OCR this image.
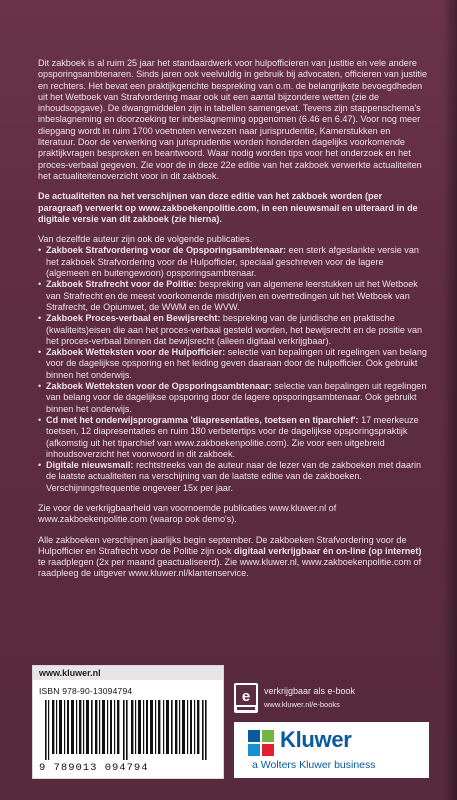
Dit zakboek is al ruim 25 jaar het standaardwerk voor hulpofficieren van justitie en vele andere opsporingsambtenaren. Sinds jaren ook veelvuldig in gebruik bij advocaten, officieren van justitie en rechters. Het bevat een praktijkgerichte bespreking van o.m. de belangrijkste bevoegdheden uit het Wetboek van Strafvordering maar ook uit een aantal bijzondere wetten (zie de inhoudsopgave). De dwangmiddelen zijn in tabellen samengevat. Tevens zijn stappenschema's inbeslagneming en doorzoeking ter inbeslagneming opgenomen (6.46 en 6.47). Voor nog meer diepgang wordt in ruim 1700 voetnoten verwezen naar jurisprudentie, Kamerstukken en literatuur. Door de verwerking van jurisprudentie worden honderden dagelijks voorkomende praktijkvragen besproken en beantwoord. Waar nodig worden tips voor het onderzoek en het proces-verbaal gegeven. Zie voor de in deze 22e editie van het zakboek verwerkte actualiteiten het actualiteitenoverzicht voor in dit zakboek.

De actualiteiten na het verschijnen van deze editie van het zakboek worden (per paragraaf) verwerkt op www.zakboekenpolitie.com, in een nieuwsmail en uiteraard in de digitale versie van dit zakboek (zie hierna).

Van dezelfde auteur zijn ook de volgende publicaties.

• Zakboek Strafvordering voor de Opsporingsambtenaar: een sterk afgeslankte versie van het zakboek Strafvordering voor de Hulpofficier, speciaal geschreven voor de lagere (algemeen en buitengewoon) opsporingsambtenaar.
• Zakboek Strafrecht voor de Politie: bespreking van algemene leerstukken uit het Wetboek van Strafrecht en de meest voorkomende misdrijven en overtredingen uit het Wetboek van Strafrecht, de Opiumwet, de WWM en de WVW.
• Zakboek Proces-verbaal en Bewijsrecht: bespreking van de juridische en praktische (kwaliteits)eisen die aan het proces-verbaal gesteld worden, het bewijsrecht en de positie van het proces-verbaal binnen dat bewijsrecht (alleen digitaal verkrijgbaar).
• Zakboek Wetteksten voor de Hulpofficier: selectie van bepalingen uit regelingen van belang voor de dagelijkse opsporing en het leiding geven daaraan door de hulpofficier. Ook gebruikt binnen het onderwijs.
• Zakboek Wetteksten voor de Opsporingsambtenaar: selectie van bepalingen uit regelingen van belang voor de dagelijkse opsporing door de lagere opsporingsambtenaar. Ook gebruikt binnen het onderwijs.
• Cd met het onderwijsprogramma 'diapresentaties, toetsen en tiparchief': 17 meerkeuze toetsen, 12 diapresentaties en ruim 180 verbetertips voor de dagelijkse opsporingspraktijk (afkomstig uit het tiparchief van www.zakboekenpolitie.com). Zie voor een uitgebreid inhoudsoverzicht het voorwoord in dit zakboek.
• Digitale nieuwsmail: rechtstreeks van de auteur naar de lezer van de zakboeken met daarin de laatste actualiteiten na verschijning van de laatste editie van de zakboeken. Verschijningsfrequentie ongeveer 15x per jaar.

Zie voor de verkrijgbaarheid van voornoemde publicaties www.kluwer.nl of www.zakboekenpolitie.com (waarop ook demo's).

Alle zakboeken verschijnen jaarlijks begin september. De zakboeken Strafvordering voor de Hulpofficier en Strafrecht voor de Politie zijn ook digitaal verkrijgbaar én on-line (op internet) te raadplegen (2x per maand geactualiseerd). Zie www.kluwer.nl, www.zakboekenpolitie.com of raadpleeg de uitgever www.kluwer.nl/klantenservice.

www.kluwer.nl
ISBN 978-90-13094794
9 789013 094794
e verkrijgbaar als e-book
www.kluwer.nl/e-books
Kluwer
a Wolters Kluwer business
